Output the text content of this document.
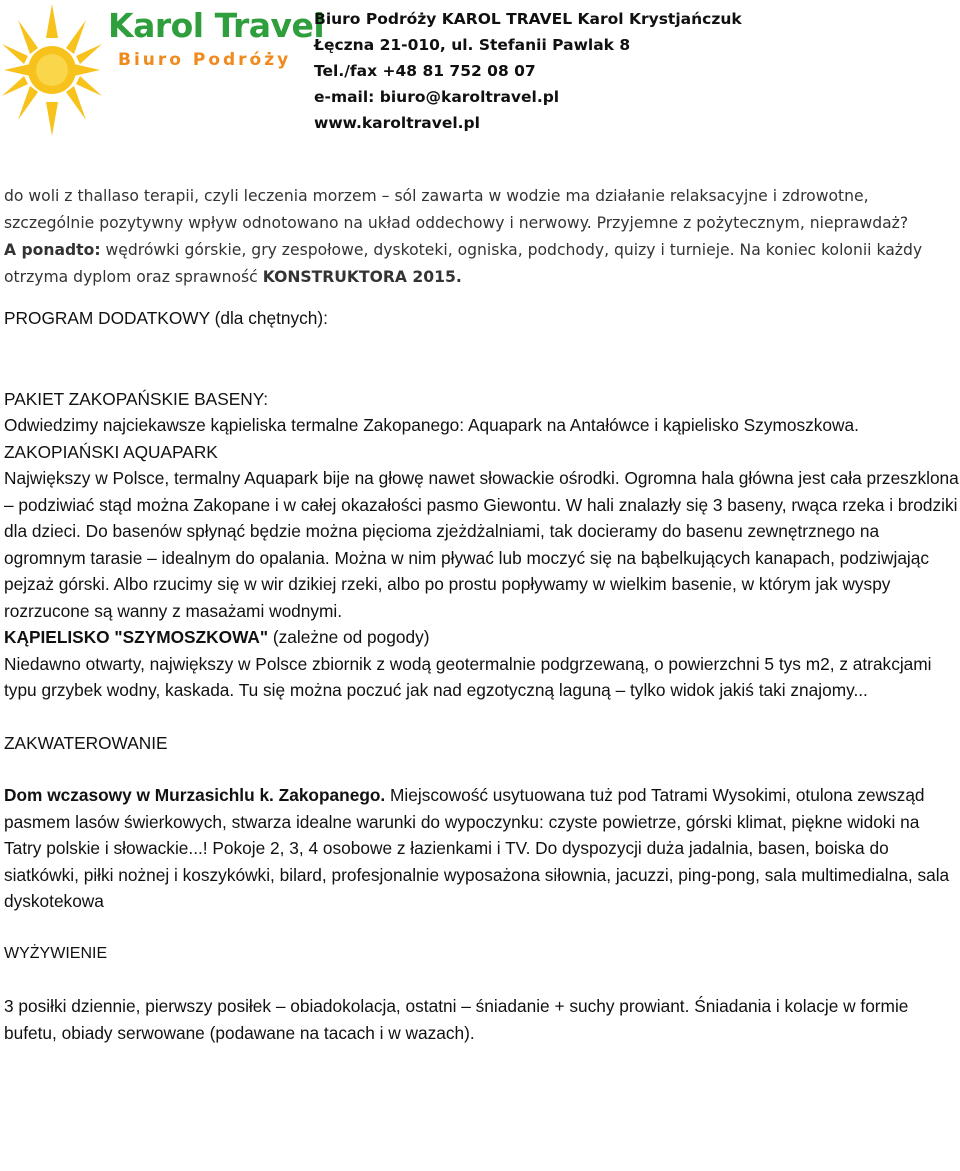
Karol Travel
Biuro Podróży
Biuro Podróży KAROL TRAVEL Karol Krystjańczuk
Łęczna 21-010, ul. Stefanii Pawlak 8
Tel./fax +48 81 752 08 07
e-mail: biuro@karoltravel.pl
www.karoltravel.pl

do woli z thallaso terapii, czyli leczenia morzem – sól zawarta w wodzie ma działanie relaksacyjne i zdrowotne, szczególnie pozytywny wpływ odnotowano na układ oddechowy i nerwowy. Przyjemne z pożytecznym, nieprawdaż?

A ponadto: wędrówki górskie, gry zespołowe, dyskoteki, ogniska, podchody, quizy i turnieje. Na koniec kolonii każdy otrzyma dyplom oraz sprawność KONSTRUKTORA 2015.

PROGRAM DODATKOWY (dla chętnych):

PAKIET ZAKOPAŃSKIE BASENY:

Odwiedzimy najciekawsze kąpieliska termalne Zakopanego: Aquapark na Antałówce i kąpielisko Szymoszkowa.

ZAKOPIAŃSKI AQUAPARK

Największy w Polsce, termalny Aquapark bije na głowę nawet słowackie ośrodki. Ogromna hala główna jest cała przeszklona – podziwiać stąd można Zakopane i w całej okazałości pasmo Giewontu. W hali znalazły się 3 baseny, rwąca rzeka i brodziki dla dzieci. Do basenów spłynąć będzie można pięcioma zjeżdżalniami, tak docieramy do basenu zewnętrznego na ogromnym tarasie – idealnym do opalania. Można w nim pływać lub moczyć się na bąbelkujących kanapach, podziwjając pejzaż górski. Albo rzucimy się w wir dzikiej rzeki, albo po prostu popływamy w wielkim basenie, w którym jak wyspy rozrzucone są wanny z masażami wodnymi.

KĄPIELISKO "SZYMOSZKOWA" (zależne od pogody)

Niedawno otwarty, największy w Polsce zbiornik z wodą geotermalnie podgrzewaną, o powierzchni 5 tys m2, z atrakcjami typu grzybek wodny, kaskada. Tu się można poczuć jak nad egzotyczną laguną – tylko widok jakiś taki znajomy...

ZAKWATEROWANIE

Dom wczasowy w Murzasichlu k. Zakopanego. Miejscowość usytuowana tuż pod Tatrami Wysokimi, otulona zewsząd pasmem lasów świerkowych, stwarza idealne warunki do wypoczynku: czyste powietrze, górski klimat, piękne widoki na Tatry polskie i słowackie...! Pokoje 2, 3, 4 osobowe z łazienkami i TV. Do dyspozycji duża jadalnia, basen, boiska do siatkówki, piłki nożnej i koszykówki, bilard, profesjonalnie wyposażona siłownia, jacuzzi, ping-pong, sala multimedialna, sala dyskotekowa

WYŻYWIENIE

3 posiłki dziennie, pierwszy posiłek – obiadokolacja, ostatni – śniadanie + suchy prowiant. Śniadania i kolacje w formie bufetu, obiady serwowane (podawane na tacach i w wazach).
